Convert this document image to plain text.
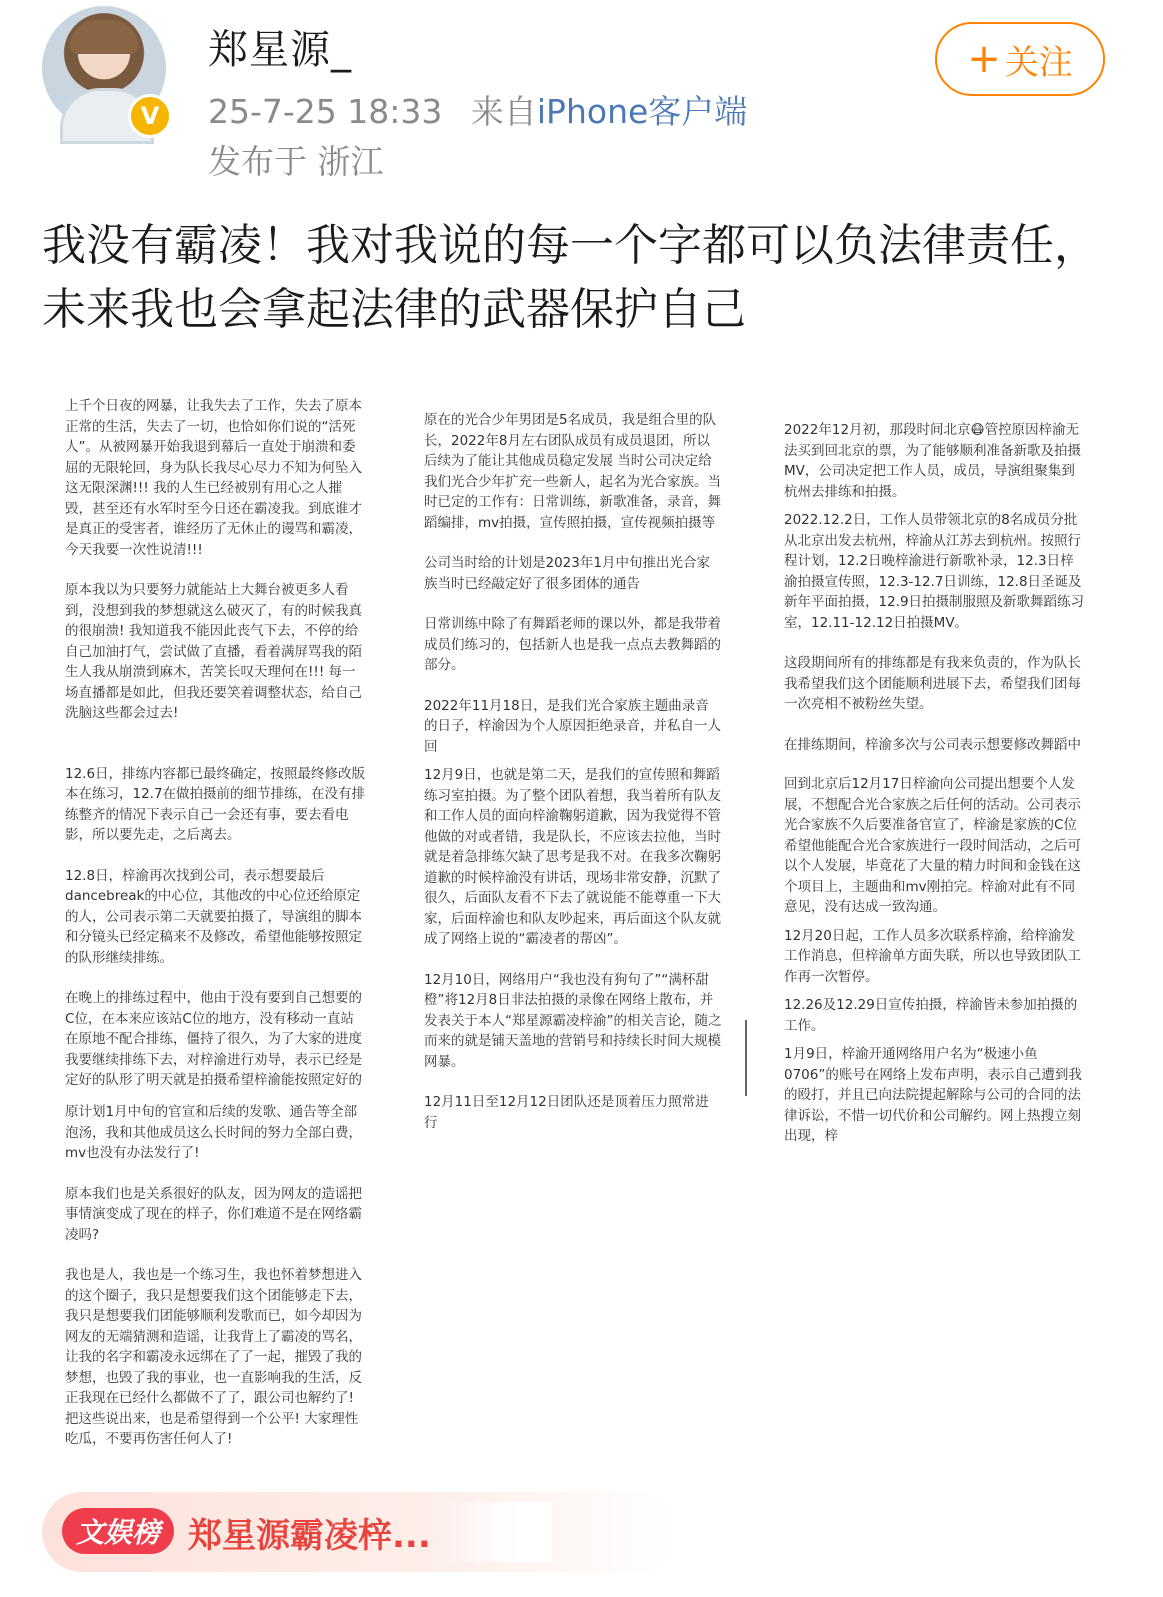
V
郑星源_
25-7-25 18:33 来自iPhone客户端
发布于 浙江
+ 关注
我没有霸凌！我对我说的每一个字都可以负法律责任，未来我也会拿起法律的武器保护自己

上千个日夜的网暴，让我失去了工作，失去了原本正常的生活，失去了一切，也恰如你们说的“活死人”。从被网暴开始我退到幕后一直处于崩溃和委屈的无限轮回，身为队长我尽心尽力不知为何坠入这无限深渊!!! 我的人生已经被别有用心之人摧毁，甚至还有水军时至今日还在霸凌我。到底谁才是真正的受害者，谁经历了无休止的谩骂和霸凌，今天我要一次性说清!!!

原本我以为只要努力就能站上大舞台被更多人看到，没想到我的梦想就这么破灭了，有的时候我真的很崩溃! 我知道我不能因此丧气下去，不停的给自己加油打气，尝试做了直播，看着满屏骂我的陌生人我从崩溃到麻木，苦笑长叹天理何在!!! 每一场直播都是如此，但我还要笑着调整状态，给自己洗脑这些都会过去!

12.6日，排练内容都已最终确定，按照最终修改版本在练习，12.7在做拍摄前的细节排练，在没有排练整齐的情况下表示自己一会还有事，要去看电影，所以要先走，之后离去。

12.8日，梓渝再次找到公司，表示想要最后dancebreak的中心位，其他改的中心位还给原定的人，公司表示第二天就要拍摄了，导演组的脚本和分镜头已经定稿来不及修改，希望他能够按照定的队形继续排练。

在晚上的排练过程中，他由于没有要到自己想要的C位，在本来应该站C位的地方，没有移动一直站在原地不配合排练，僵持了很久，为了大家的进度我要继续排练下去，对梓渝进行劝导，表示已经是定好的队形了明天就是拍摄希望梓渝能按照定好的

原计划1月中旬的官宣和后续的发歌、通告等全部泡汤，我和其他成员这么长时间的努力全部白费，mv也没有办法发行了!

原本我们也是关系很好的队友，因为网友的造谣把事情演变成了现在的样子，你们难道不是在网络霸凌吗?

我也是人，我也是一个练习生，我也怀着梦想进入的这个圈子，我只是想要我们这个团能够走下去，我只是想要我们团能够顺利发歌而已，如今却因为网友的无端猜测和造谣，让我背上了霸凌的骂名，让我的名字和霸凌永远绑在了了一起，摧毁了我的梦想，也毁了我的事业，也一直影响我的生活，反正我现在已经什么都做不了了，跟公司也解约了! 把这些说出来，也是希望得到一个公平! 大家理性吃瓜，不要再伤害任何人了!

原在的光合少年男团是5名成员，我是组合里的队长，2022年8月左右团队成员有成员退团，所以后续为了能让其他成员稳定发展 当时公司决定给我们光合少年扩充一些新人，起名为光合家族。当时已定的工作有：日常训练，新歌准备，录音，舞蹈编排，mv拍摄，宣传照拍摄，宣传视频拍摄等

公司当时给的计划是2023年1月中旬推出光合家族当时已经敲定好了很多团体的通告

日常训练中除了有舞蹈老师的课以外，都是我带着成员们练习的，包括新人也是我一点点去教舞蹈的部分。

2022年11月18日，是我们光合家族主题曲录音的日子，梓渝因为个人原因拒绝录音，并私自一人回

12月9日，也就是第二天，是我们的宣传照和舞蹈练习室拍摄。为了整个团队着想，我当着所有队友和工作人员的面向梓渝鞠躬道歉，因为我觉得不管他做的对或者错，我是队长，不应该去拉他，当时就是着急排练欠缺了思考是我不对。在我多次鞠躬道歉的时候梓渝没有讲话，现场非常安静，沉默了很久，后面队友看不下去了就说能不能尊重一下大家，后面梓渝也和队友吵起来，再后面这个队友就成了网络上说的“霸凌者的帮凶”。

12月10日，网络用户“我也没有狗句了”“满杯甜橙”将12月8日非法拍摄的录像在网络上散布，并发表关于本人“郑星源霸凌梓渝”的相关言论，随之而来的就是铺天盖地的营销号和持续长时间大规模网暴。

12月11日至12月12日团队还是顶着压力照常进行

2022年12月初，那段时间北京😷管控原因梓渝无法买到回北京的票，为了能够顺利准备新歌及拍摄MV，公司决定把工作人员，成员，导演组聚集到杭州去排练和拍摄。

2022.12.2日，工作人员带领北京的8名成员分批从北京出发去杭州，梓渝从江苏去到杭州。按照行程计划，12.2日晚梓渝进行新歌补录，12.3日梓渝拍摄宣传照，12.3-12.7日训练，12.8日圣诞及新年平面拍摄，12.9日拍摄制服照及新歌舞蹈练习室，12.11-12.12日拍摄MV。

这段期间所有的排练都是有我来负责的，作为队长我希望我们这个团能顺利进展下去，希望我们团每一次亮相不被粉丝失望。

在排练期间，梓渝多次与公司表示想要修改舞蹈中

回到北京后12月17日梓渝向公司提出想要个人发展，不想配合光合家族之后任何的活动。公司表示光合家族不久后要准备官宣了，梓渝是家族的C位希望他能配合光合家族进行一段时间活动，之后可以个人发展，毕竟花了大量的精力时间和金钱在这个项目上，主题曲和mv刚拍完。梓渝对此有不同意见，没有达成一致沟通。

12月20日起，工作人员多次联系梓渝，给梓渝发工作消息，但梓渝单方面失联，所以也导致团队工作再一次暂停。

12.26及12.29日宣传拍摄，梓渝皆未参加拍摄的工作。

1月9日，梓渝开通网络用户名为“极速小鱼0706”的账号在网络上发布声明，表示自己遭到我的殴打，并且已向法院提起解除与公司的合同的法律诉讼，不惜一切代价和公司解约。网上热搜立刻出现，梓

文娱榜 郑星源霸凌梓...
